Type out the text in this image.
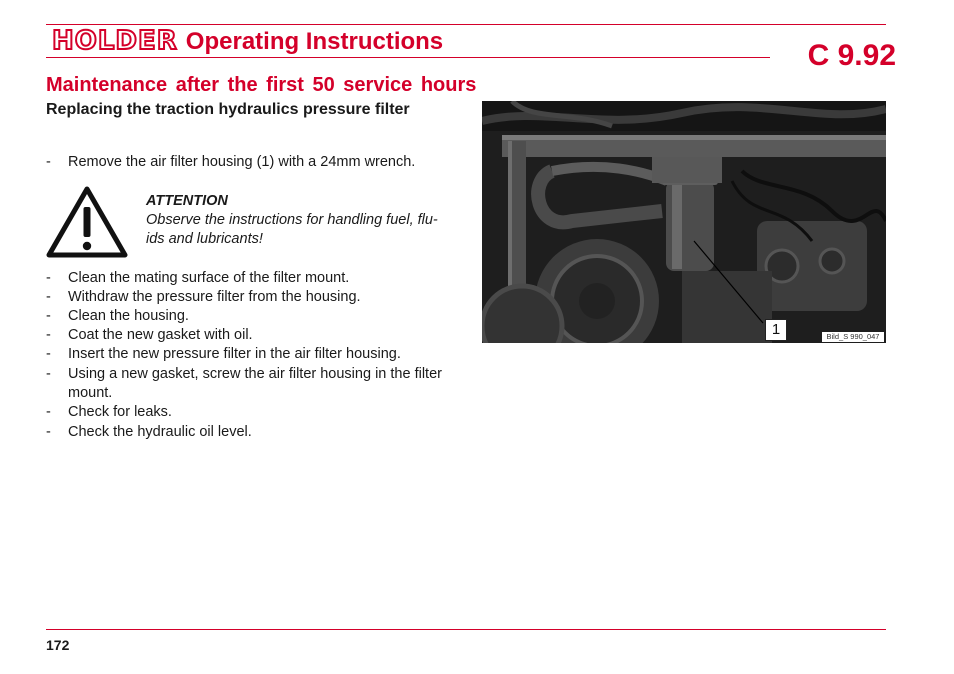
HOLDER Operating Instructions	C 9.92
Maintenance after the first 50 service hours
Replacing the traction hydraulics pressure filter
- Remove the air filter housing (1) with a 24mm wrench.
ATTENTION
Observe the instructions for handling fuel, flu- ids and lubricants!
- Clean the mating surface of the filter mount.
- Withdraw the pressure filter from the housing.
- Clean the housing.
- Coat the new gasket with oil.
- Insert the new pressure filter in the air filter housing.
- Using a new gasket, screw the air filter housing in the filter mount.
- Check for leaks.
- Check the hydraulic oil level.
1	Bild_S 990_047
172
